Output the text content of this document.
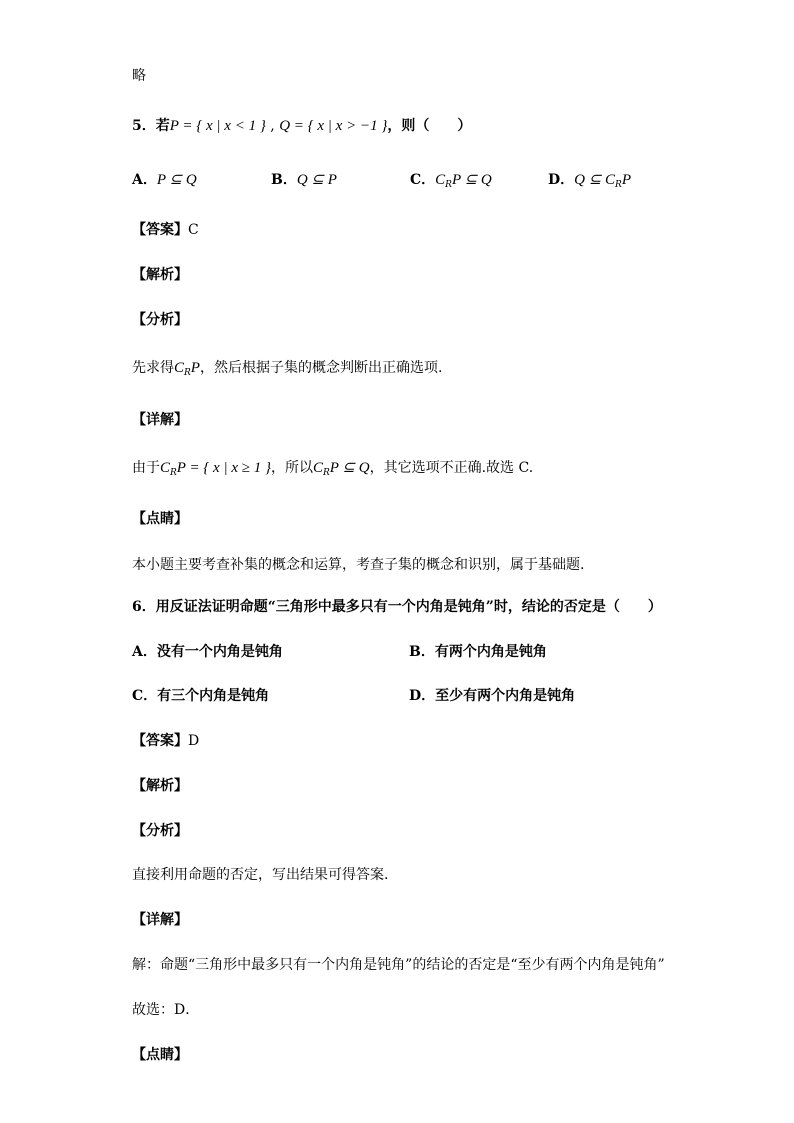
略
5．若P = { x | x < 1 } , Q = { x | x > −1 }，则（　　）
A．P ⊆ Q	B．Q ⊆ P	C．$C_RP$ ⊆ Q	D．Q ⊆ $C_RP$
【答案】C
【解析】
【分析】
先求得$C_RP$，然后根据子集的概念判断出正确选项.
【详解】
由于$C_RP$ = { x | x ≥ 1 }，所以$C_RP$ ⊆ Q，其它选项不正确.故选 C.
【点睛】
本小题主要考查补集的概念和运算，考查子集的概念和识别，属于基础题.
6．用反证法证明命题“三角形中最多只有一个内角是钝角”时，结论的否定是（　　）
A．没有一个内角是钝角	B．有两个内角是钝角
C．有三个内角是钝角	D．至少有两个内角是钝角
【答案】D
【解析】
【分析】
直接利用命题的否定，写出结果可得答案.
【详解】
解：命题“三角形中最多只有一个内角是钝角”的结论的否定是“至少有两个内角是钝角”
故选：D．
【点睛】
